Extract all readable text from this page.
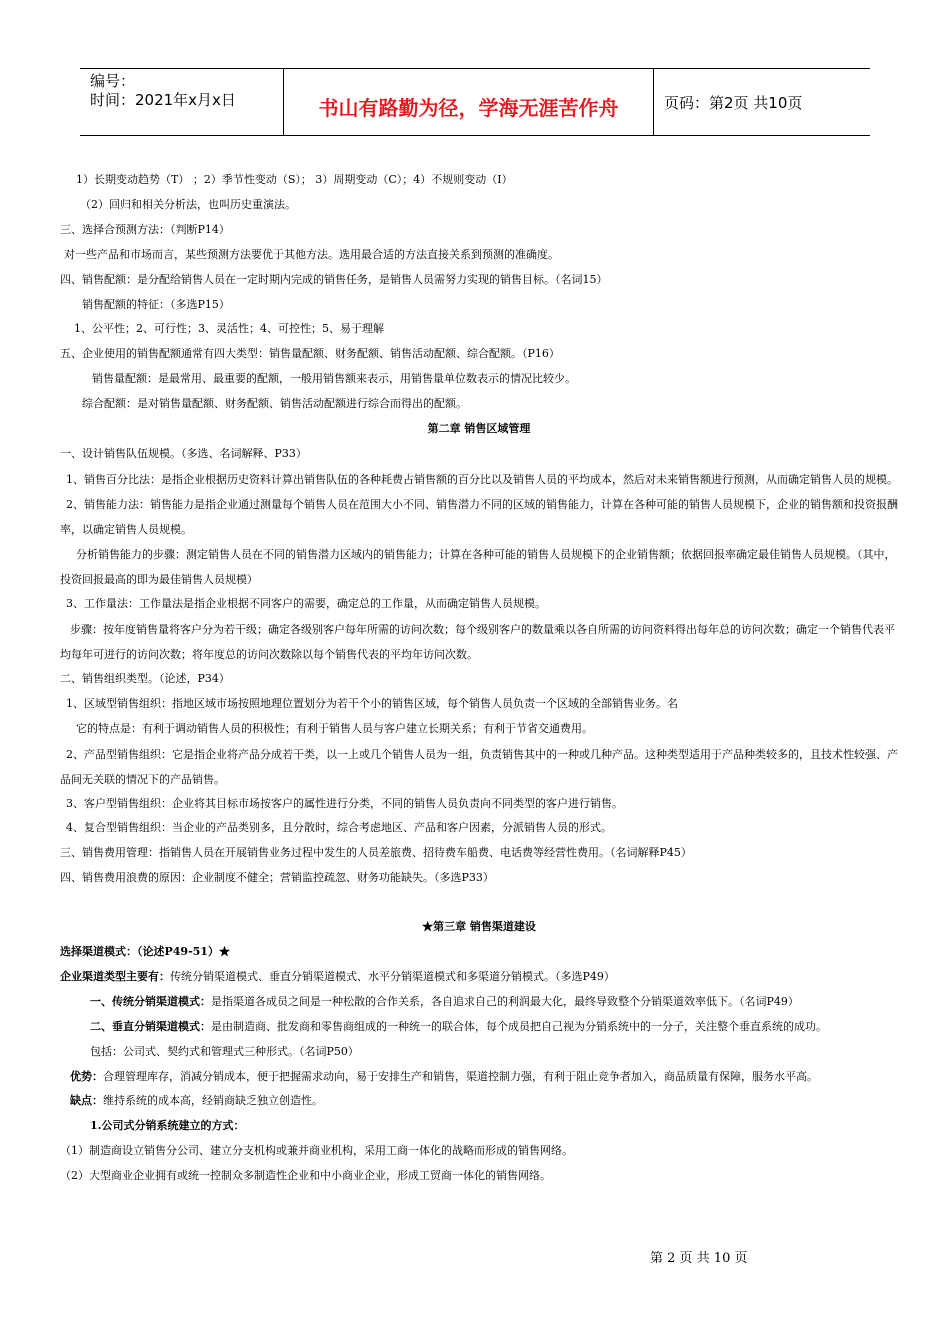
编号：
时间：2021年x月x日	书山有路勤为径，学海无涯苦作舟	页码：第2页 共10页
1）长期变动趋势（T） ；2）季节性变动（S）； 3）周期变动（C）；4）不规则变动（I）
（2）回归和相关分析法，也叫历史重演法。
三、选择合预测方法：（判断P14）
对一些产品和市场而言，某些预测方法要优于其他方法。选用最合适的方法直接关系到预测的准确度。
四、销售配额：是分配给销售人员在一定时期内完成的销售任务，是销售人员需努力实现的销售目标。（名词15）
销售配额的特征：（多选P15）
1、公平性；2、可行性；3、灵活性；4、可控性；5、易于理解
五、企业使用的销售配额通常有四大类型：销售量配额、财务配额、销售活动配额、综合配额。（P16）
销售量配额：是最常用、最重要的配额，一般用销售额来表示，用销售量单位数表示的情况比较少。
综合配额：是对销售量配额、财务配额、销售活动配额进行综合而得出的配额。
第二章 销售区域管理
一、设计销售队伍规模。（多选、名词解释、P33）
1、销售百分比法：是指企业根据历史资料计算出销售队伍的各种耗费占销售额的百分比以及销售人员的平均成本，然后对未来销售额进行预测，从而确定销售人员的规模。
2、销售能力法：销售能力是指企业通过测量每个销售人员在范围大小不同、销售潜力不同的区域的销售能力，计算在各种可能的销售人员规模下，企业的销售额和投资报酬率，以确定销售人员规模。
分析销售能力的步骤：测定销售人员在不同的销售潜力区域内的销售能力；计算在各种可能的销售人员规模下的企业销售额；依据回报率确定最佳销售人员规模。（其中，投资回报最高的即为最佳销售人员规模）
3、工作量法：工作量法是指企业根据不同客户的需要，确定总的工作量，从而确定销售人员规模。
步骤：按年度销售量将客户分为若干级；确定各级别客户每年所需的访问次数；每个级别客户的数量乘以各自所需的访问资料得出每年总的访问次数；确定一个销售代表平均每年可进行的访问次数；将年度总的访问次数除以每个销售代表的平均年访问次数。
二、销售组织类型。（论述，P34）
1、区域型销售组织：指地区域市场按照地理位置划分为若干个小的销售区域，每个销售人员负责一个区域的全部销售业务。名
它的特点是：有利于调动销售人员的积极性；有利于销售人员与客户建立长期关系；有利于节省交通费用。
2、产品型销售组织：它是指企业将产品分成若干类，以一上或几个销售人员为一组，负责销售其中的一种或几种产品。这种类型适用于产品种类较多的，且技术性较强、产品间无关联的情况下的产品销售。
3、客户型销售组织：企业将其目标市场按客户的属性进行分类，不同的销售人员负责向不同类型的客户进行销售。
4、复合型销售组织：当企业的产品类别多，且分散时，综合考虑地区、产品和客户因素，分派销售人员的形式。
三、销售费用管理：指销售人员在开展销售业务过程中发生的人员差旅费、招待费车船费、电话费等经营性费用。（名词解释P45）
四、销售费用浪费的原因：企业制度不健全；营销监控疏忽、财务功能缺失。（多选P33）
★第三章 销售渠道建设
选择渠道模式：（论述P49-51）★
企业渠道类型主要有：传统分销渠道模式、垂直分销渠道模式、水平分销渠道模式和多渠道分销模式。（多选P49）
一、传统分销渠道模式：是指渠道各成员之间是一种松散的合作关系，各自追求自己的利润最大化，最终导致整个分销渠道效率低下。（名词P49）
二、垂直分销渠道模式：是由制造商、批发商和零售商组成的一种统一的联合体，每个成员把自己视为分销系统中的一分子，关注整个垂直系统的成功。
包括：公司式、契约式和管理式三种形式。（名词P50）
优势：合理管理库存，消减分销成本，便于把握需求动向，易于安排生产和销售，渠道控制力强，有利于阻止竞争者加入，商品质量有保障，服务水平高。
缺点：维持系统的成本高，经销商缺乏独立创造性。
1.公司式分销系统建立的方式：
（1）制造商设立销售分公司、建立分支机构或兼并商业机构，采用工商一体化的战略而形成的销售网络。
（2）大型商业企业拥有或统一控制众多制造性企业和中小商业企业，形成工贸商一体化的销售网络。
第 2 页 共 10 页
